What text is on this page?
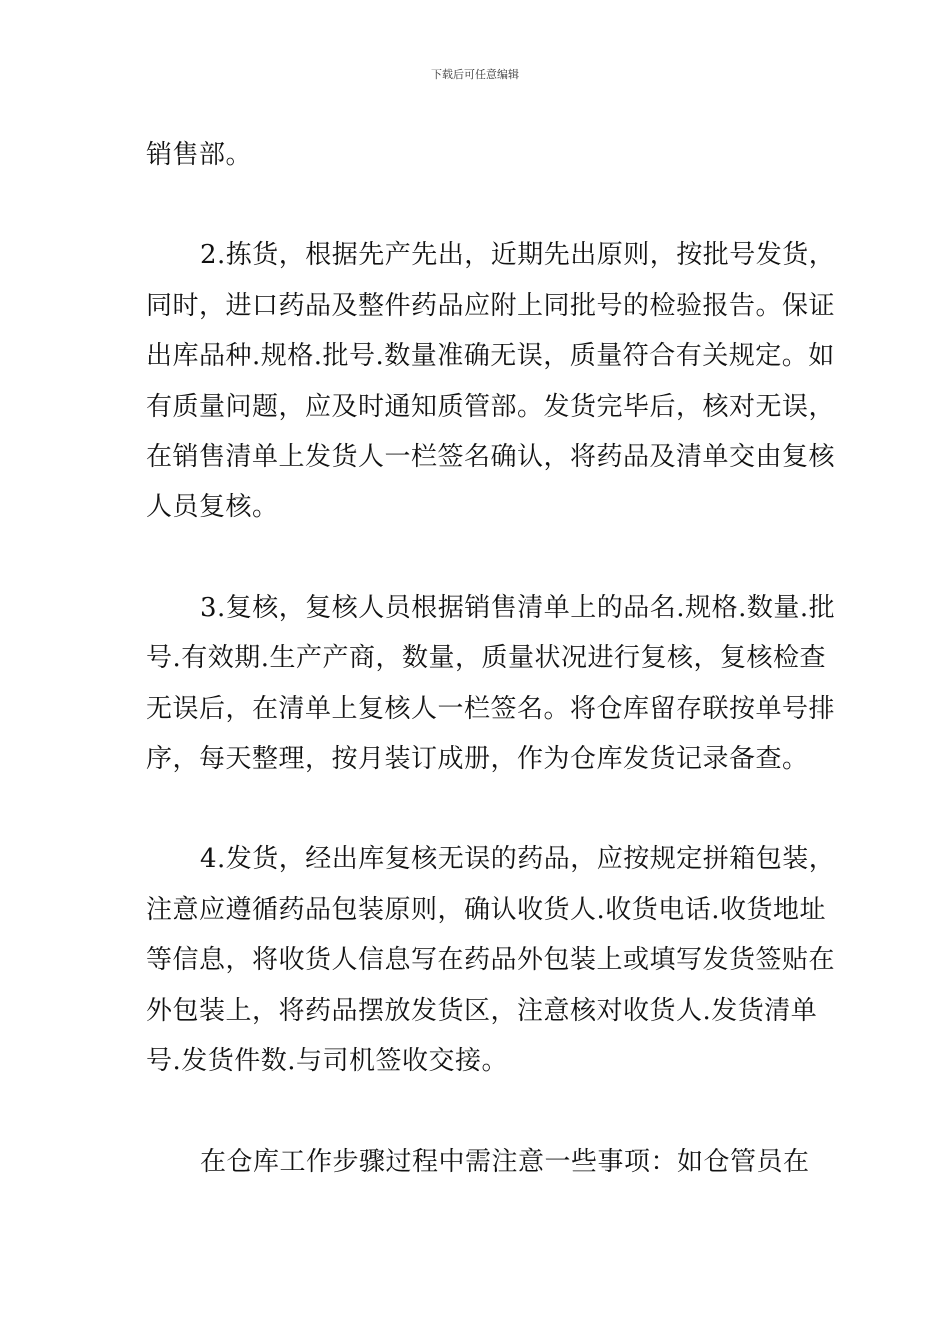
下载后可任意编辑

销售部。

2.拣货，根据先产先出，近期先出原则，按批号发货，同时，进口药品及整件药品应附上同批号的检验报告。保证出库品种.规格.批号.数量准确无误，质量符合有关规定。如有质量问题，应及时通知质管部。发货完毕后，核对无误，在销售清单上发货人一栏签名确认，将药品及清单交由复核人员复核。

3.复核，复核人员根据销售清单上的品名.规格.数量.批号.有效期.生产产商，数量，质量状况进行复核，复核检查无误后，在清单上复核人一栏签名。将仓库留存联按单号排序，每天整理，按月装订成册，作为仓库发货记录备查。

4.发货，经出库复核无误的药品，应按规定拼箱包装，注意应遵循药品包装原则，确认收货人.收货电话.收货地址等信息，将收货人信息写在药品外包装上或填写发货签贴在外包装上，将药品摆放发货区，注意核对收货人.发货清单号.发货件数.与司机签收交接。

在仓库工作步骤过程中需注意一些事项：如仓管员在
